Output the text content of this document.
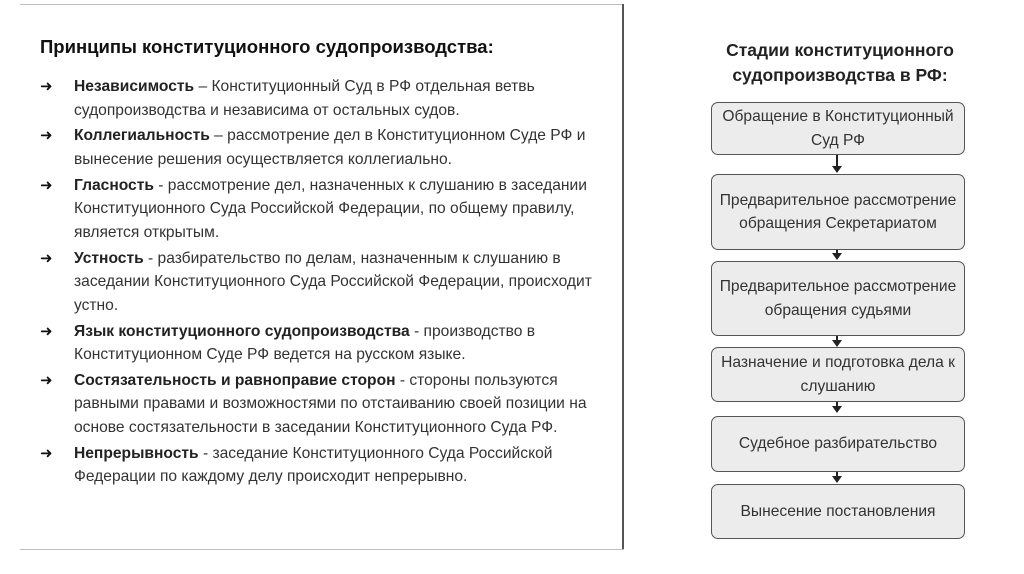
Принципы конституционного судопроизводства:
➜ Независимость – Конституционный Суд в РФ отдельная ветвь судопроизводства и независима от остальных судов.
➜ Коллегиальность – рассмотрение дел в Конституционном Суде РФ и вынесение решения осуществляется коллегиально.
➜ Гласность - рассмотрение дел, назначенных к слушанию в заседании Конституционного Суда Российской Федерации, по общему правилу, является открытым.
➜ Устность - разбирательство по делам, назначенным к слушанию в заседании Конституционного Суда Российской Федерации, происходит устно.
➜ Язык конституционного судопроизводства - производство в Конституционном Суде РФ ведется на русском языке.
➜ Состязательность и равноправие сторон - стороны пользуются равными правами и возможностями по отстаиванию своей позиции на основе состязательности в заседании Конституционного Суда РФ.
➜ Непрерывность - заседание Конституционного Суда Российской Федерации по каждому делу происходит непрерывно.
Стадии конституционного судопроизводства в РФ:
Обращение в Конституционный Суд РФ
Предварительное рассмотрение обращения Секретариатом
Предварительное рассмотрение обращения судьями
Назначение и подготовка дела к слушанию
Судебное разбирательство
Вынесение постановления
